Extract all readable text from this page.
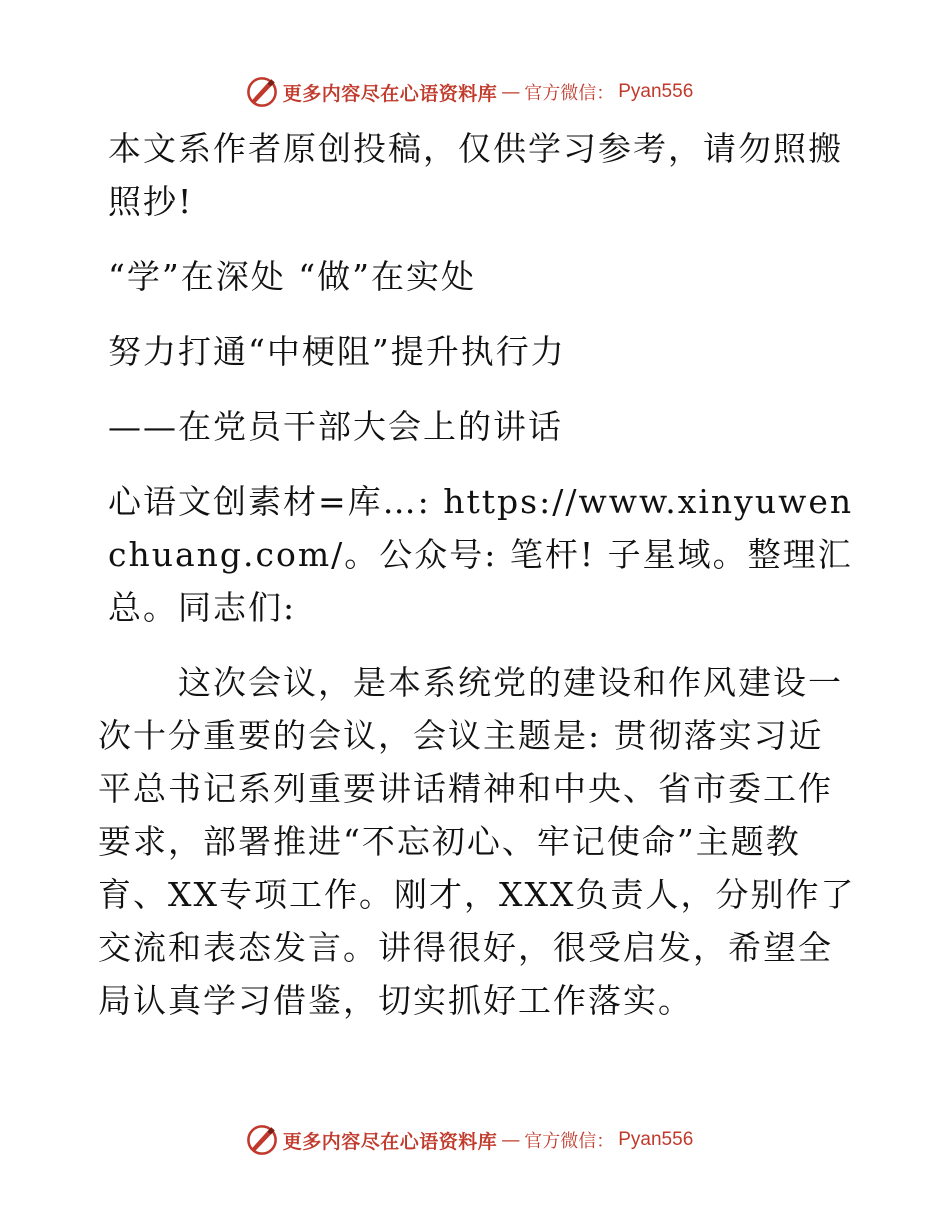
更多内容尽在心语资料库 — 官方微信： Pyan556

本文系作者原创投稿，仅供学习参考，请勿照搬照抄!

“学”在深处 “做”在实处

努力打通“中梗阻”提升执行力

——在党员干部大会上的讲话

心语文创素材=库…: https://www.xinyuwenchuang.com/。公众号: 笔杆! 子星域。整理汇总。同志们:

这次会议，是本系统党的建设和作风建设一次十分重要的会议，会议主题是: 贯彻落实习近平总书记系列重要讲话精神和中央、省市委工作要求，部署推进“不忘初心、牢记使命”主题教育、XX专项工作。刚才，XXX负责人，分别作了交流和表态发言。讲得很好，很受启发，希望全局认真学习借鉴，切实抓好工作落实。

更多内容尽在心语资料库 — 官方微信： Pyan556
